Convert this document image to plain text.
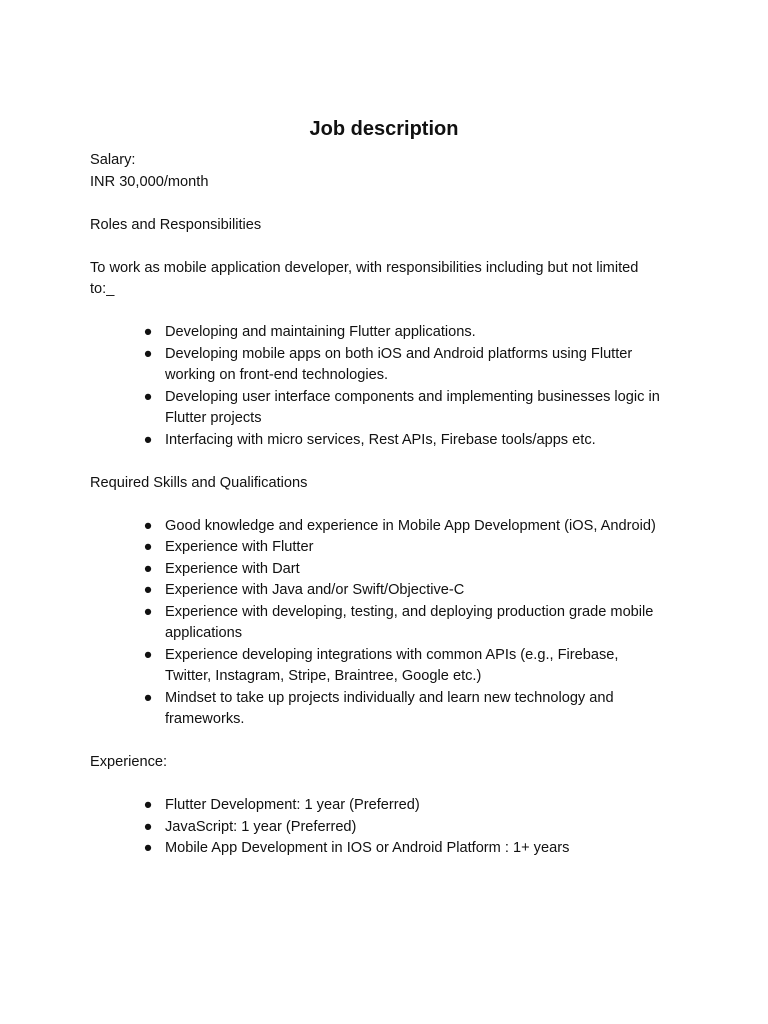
Job description
Salary:
INR 30,000/month
Roles and Responsibilities
To work as mobile application developer, with responsibilities including but not limited to:_
● Developing and maintaining Flutter applications.
● Developing mobile apps on both iOS and Android platforms using Flutter working on front-end technologies.
● Developing user interface components and implementing businesses logic in Flutter projects
● Interfacing with micro services, Rest APIs, Firebase tools/apps etc.
Required Skills and Qualifications
● Good knowledge and experience in Mobile App Development (iOS, Android)
● Experience with Flutter
● Experience with Dart
● Experience with Java and/or Swift/Objective-C
● Experience with developing, testing, and deploying production grade mobile applications
● Experience developing integrations with common APIs (e.g., Firebase, Twitter, Instagram, Stripe, Braintree, Google etc.)
● Mindset to take up projects individually and learn new technology and frameworks.
Experience:
● Flutter Development: 1 year (Preferred)
● JavaScript: 1 year (Preferred)
● Mobile App Development in IOS or Android Platform : 1+ years
